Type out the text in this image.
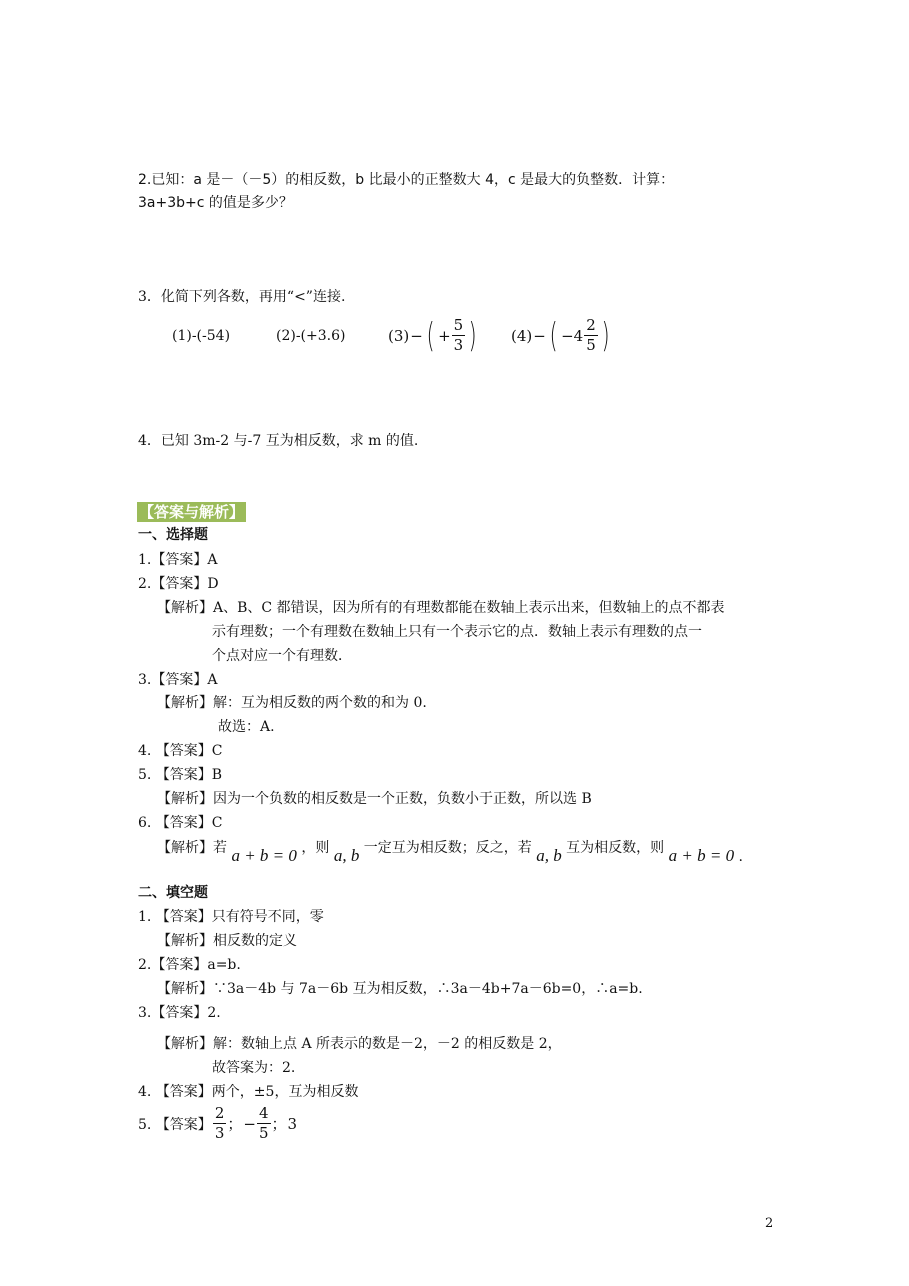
2.已知：a 是－（－5）的相反数，b 比最小的正整数大 4，c 是最大的负整数．计算：
3a+3b+c 的值是多少？
3．化简下列各数，再用“<”连接.
(1)-(-54)	(2)-(+3.6)	(3) − ( + $\frac{5}{3}$ ) (4) − ( $-4 \frac{2}{5}$ )
4．已知 3m-2 与-7 互为相反数，求 m 的值.
【答案与解析】
一、选择题
1.【答案】A
2.【答案】D
【解析】A、B、C 都错误，因为所有的有理数都能在数轴上表示出来，但数轴上的点不都表
示有理数；一个有理数在数轴上只有一个表示它的点．数轴上表示有理数的点一
个点对应一个有理数．
3.【答案】A
【解析】解：互为相反数的两个数的和为 0.
故选：A.
4. 【答案】C
5. 【答案】B
【解析】因为一个负数的相反数是一个正数，负数小于正数，所以选 B
6. 【答案】C
【解析】若 a + b = 0 ，则 a, b 一定互为相反数；反之，若 a, b 互为相反数，则 a + b = 0 .
二、填空题
1. 【答案】只有符号不同，零
【解析】相反数的定义
2.【答案】a=b.
【解析】∵3a－4b 与 7a－6b 互为相反数，∴3a－4b+7a－6b=0，∴a=b.
3.【答案】2.
【解析】解：数轴上点 A 所表示的数是－2，－2 的相反数是 2，
故答案为：2.
4. 【答案】两个，±5，互为相反数
5. 【答案】 $\frac{2}{3}$ ； − $\frac{4}{5}$ ； 3
2
